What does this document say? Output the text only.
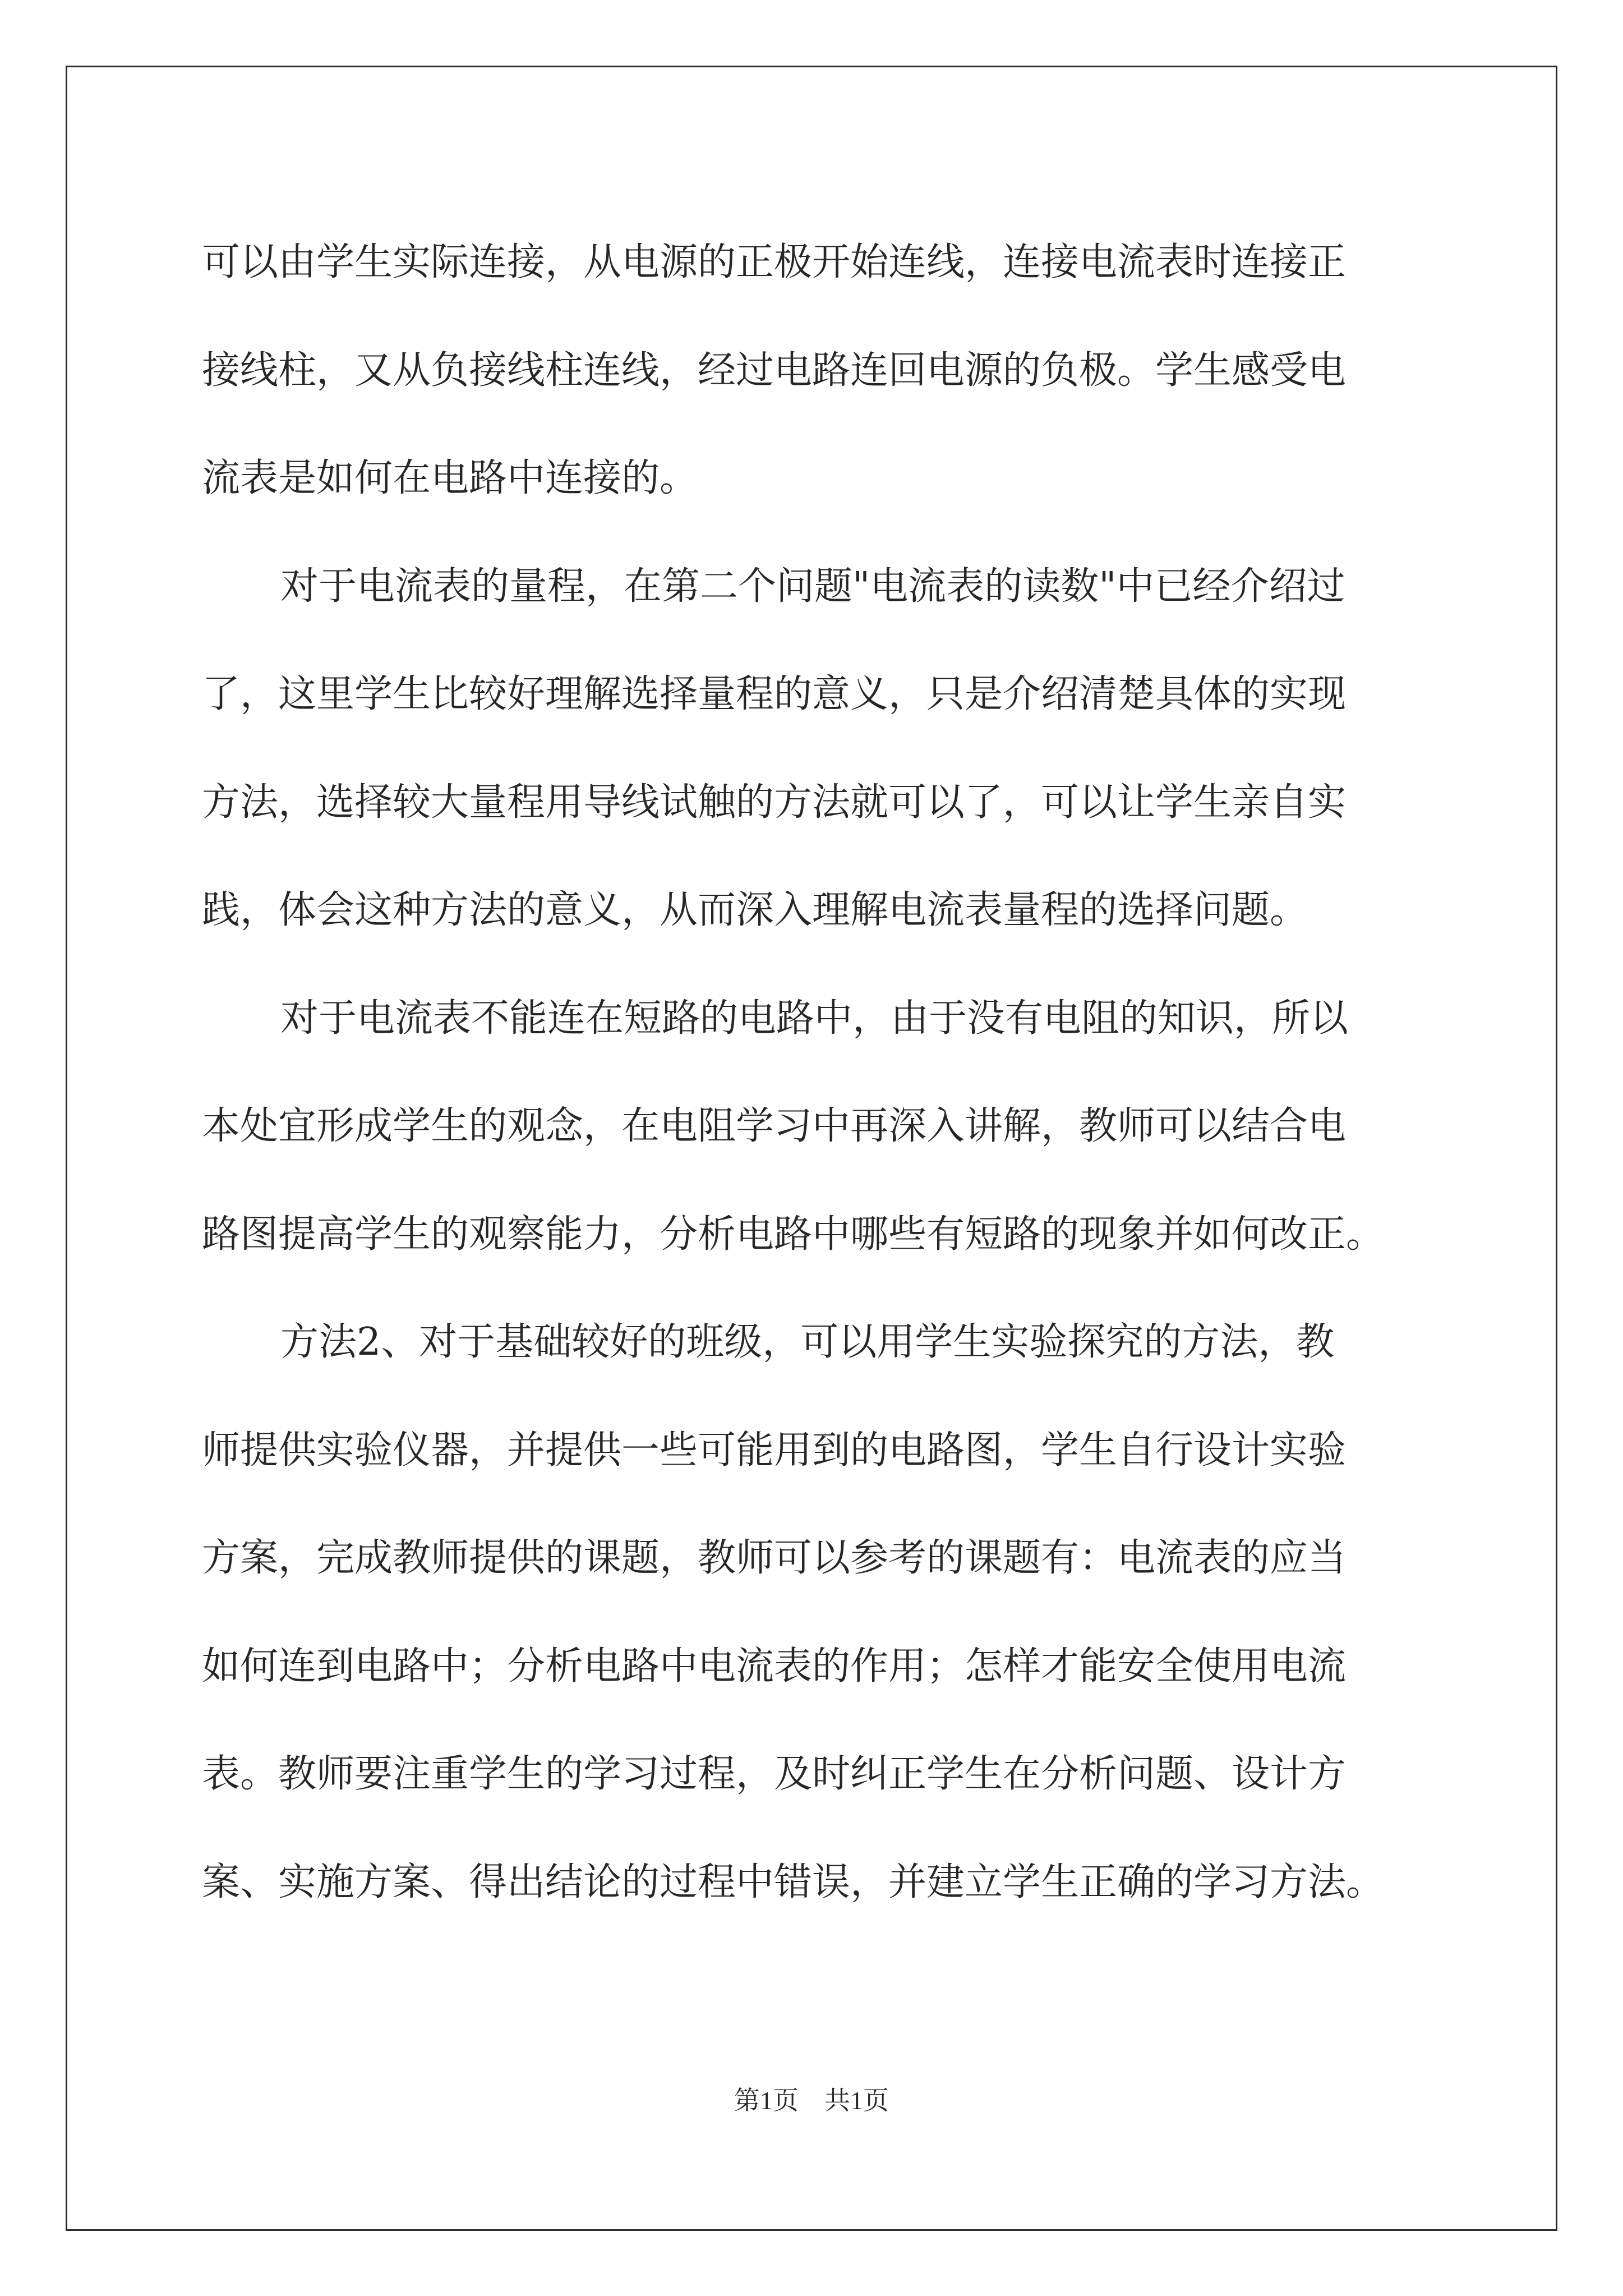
可以由学生实际连接，从电源的正极开始连线，连接电流表时连接正
接线柱，又从负接线柱连线，经过电路连回电源的负极。学生感受电
流表是如何在电路中连接的。
对于电流表的量程，在第二个问题"电流表的读数"中已经介绍过
了，这里学生比较好理解选择量程的意义，只是介绍清楚具体的实现
方法，选择较大量程用导线试触的方法就可以了，可以让学生亲自实
践，体会这种方法的意义，从而深入理解电流表量程的选择问题。
对于电流表不能连在短路的电路中，由于没有电阻的知识，所以
本处宜形成学生的观念，在电阻学习中再深入讲解，教师可以结合电
路图提高学生的观察能力，分析电路中哪些有短路的现象并如何改正。
方法2、对于基础较好的班级，可以用学生实验探究的方法，教
师提供实验仪器，并提供一些可能用到的电路图，学生自行设计实验
方案，完成教师提供的课题，教师可以参考的课题有：电流表的应当
如何连到电路中；分析电路中电流表的作用；怎样才能安全使用电流
表。教师要注重学生的学习过程，及时纠正学生在分析问题、设计方
案、实施方案、得出结论的过程中错误，并建立学生正确的学习方法。
第1页　共1页
